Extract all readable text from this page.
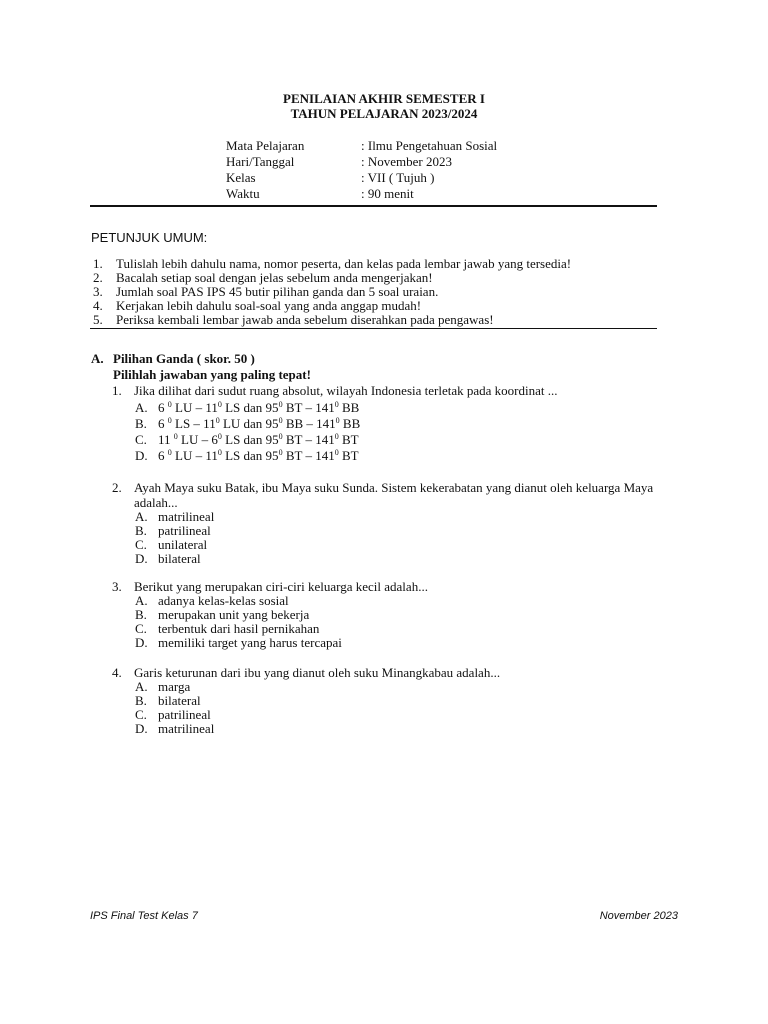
PENILAIAN AKHIR SEMESTER I
TAHUN PELAJARAN 2023/2024
Mata Pelajaran	: Ilmu Pengetahuan Sosial
Hari/Tanggal	: November 2023
Kelas	: VII ( Tujuh )
Waktu	: 90 menit
PETUNJUK UMUM:
1. Tulislah lebih dahulu nama, nomor peserta, dan kelas pada lembar jawab yang tersedia!
2. Bacalah setiap soal dengan jelas sebelum anda mengerjakan!
3. Jumlah soal PAS IPS 45 butir pilihan ganda dan 5 soal uraian.
4. Kerjakan lebih dahulu soal-soal yang anda anggap mudah!
5. Periksa kembali lembar jawab anda sebelum diserahkan pada pengawas!
A. Pilihan Ganda ( skor. 50 )
Pilihlah jawaban yang paling tepat!
1. Jika dilihat dari sudut ruang absolut, wilayah Indonesia terletak pada koordinat ...
A. 6 $^0$ LU – $11^0$ LS dan $95^0$ BT – $141^0$ BB
B. 6 $^0$ LS – $11^0$ LU dan $95^0$ BB – $141^0$ BB
C. 11 $^0$ LU – $6^0$ LS dan $95^0$ BT – $141^0$ BT
D. 6 $^0$ LU – $11^0$ LS dan $95^0$ BT – $141^0$ BT
2. Ayah Maya suku Batak, ibu Maya suku Sunda. Sistem kekerabatan yang dianut oleh keluarga Maya adalah...
A. matrilineal
B. patrilineal
C. unilateral
D. bilateral
3. Berikut yang merupakan ciri-ciri keluarga kecil adalah...
A. adanya kelas-kelas sosial
B. merupakan unit yang bekerja
C. terbentuk dari hasil pernikahan
D. memiliki target yang harus tercapai
4. Garis keturunan dari ibu yang dianut oleh suku Minangkabau adalah...
A. marga
B. bilateral
C. patrilineal
D. matrilineal
IPS Final Test Kelas 7	November 2023
